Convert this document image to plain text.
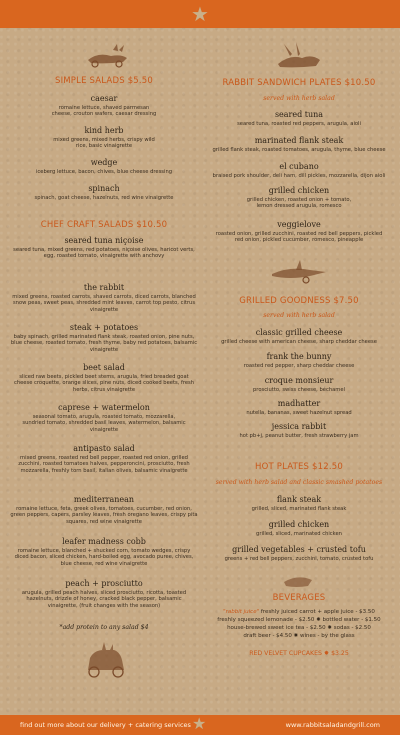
★
SIMPLE SALADS $5.50
caesar
romaine lettuce, shaved parmesan cheese, crouton wafers, caesar dressing
kind herb
mixed greens, mixed herbs, crispy wild rice, basic vinaigrette
wedge
iceberg lettuce, bacon, chives, blue cheese dressing
spinach
spinach, goat cheese, hazelnuts, red wine vinaigrette
CHEF CRAFT SALADS $10.50
seared tuna niçoise
seared tuna, mixed greens, red potatoes, niçoise olives, haricot verts, egg, roasted tomato, vinaigrette with anchovy
the rabbit
mixed greens, roasted carrots, shaved carrots, diced carrots, blanched snow peas, sweet peas, shredded mint leaves, carrot top pesto, citrus vinaigrette
steak + potatoes
baby spinach, grilled marinated flank steak, roasted onion, pine nuts, blue cheese, roasted tomato, fresh thyme, baby red potatoes, balsamic vinaigrette
beet salad
sliced raw beets, pickled beet stems, arugula, fried breaded goat cheese croquette, orange slices, pine nuts, diced cooked beets, fresh herbs, citrus vinaigrette
caprese + watermelon
seasonal tomato, arugula, roasted tomato, mozzarella, sundried tomato, shredded basil leaves, watermelon, balsamic vinaigrette
antipasto salad
mixed greens, roasted red bell pepper, roasted red onion, grilled zucchini, roasted tomatoes halves, pepperoncini, prosciutto, fresh mozzarella, freshly torn basil, italian olives, balsamic vinaigrette
mediterranean
romaine lettuce, feta, greek olives, tomatoes, cucumber, red onion, green peppers, capers, parsley leaves, fresh oregano leaves, crispy pita squares, red wine vinaigrette
leafer madness cobb
romaine lettuce, blanched + shucked corn, tomato wedges, crispy diced bacon, sliced chicken, hard-boiled egg, avocado puree, chives, blue cheese, red wine vinaigrette
peach + prosciutto
arugula, grilled peach halves, sliced prosciutto, ricotta, toasted hazelnuts, drizzle of honey, cracked black pepper, balsamic vinaigrette, (fruit changes with the season)
*add protein to any salad $4
RABBIT SANDWICH PLATES $10.50
served with herb salad
seared tuna
seared tuna, roasted red peppers, arugula, aioli
marinated flank steak
grilled flank steak, roasted tomatoes, arugula, thyme, blue cheese
el cubano
braised pork shoulder, deli ham, dill pickles, mozzarella, dijon aioli
grilled chicken
grilled chicken, roasted onion + tomato, lemon dressed arugula, romesco
veggielove
roasted onion, grilled zucchini, roasted red bell peppers, pickled red onion, pickled cucumber, romesco, pineapple
GRILLED GOODNESS $7.50
served with herb salad
classic grilled cheese
grilled cheese with american cheese, sharp cheddar cheese
frank the bunny
roasted red pepper, sharp cheddar cheese
croque monsieur
prosciutto, swiss cheese, béchamel
madhatter
nutella, bananas, sweet hazelnut spread
jessica rabbit
hot pb+j, peanut butter, fresh strawberry jam
HOT PLATES $12.50
served with herb salad and classic smashed potatoes
flank steak
grilled, sliced, marinated flank steak
grilled chicken
grilled, sliced, marinated chicken
grilled vegetables + crusted tofu
greens + red bell peppers, zucchini, tomato, crusted tofu
BEVERAGES
"rabbit juice" freshly juiced carrot + apple juice - $3.50
freshly squeezed lemonade - $2.50 ✸ bottled water - $1.50
house-brewed sweet ice tea - $2.50 ✸ sodas - $2.50
draft beer - $4.50 ✸ wines - by the glass
RED VELVET CUPCAKES ✸ $3.25
find out more about our delivery + catering services ★	www.rabbitsaladandgrill.com
